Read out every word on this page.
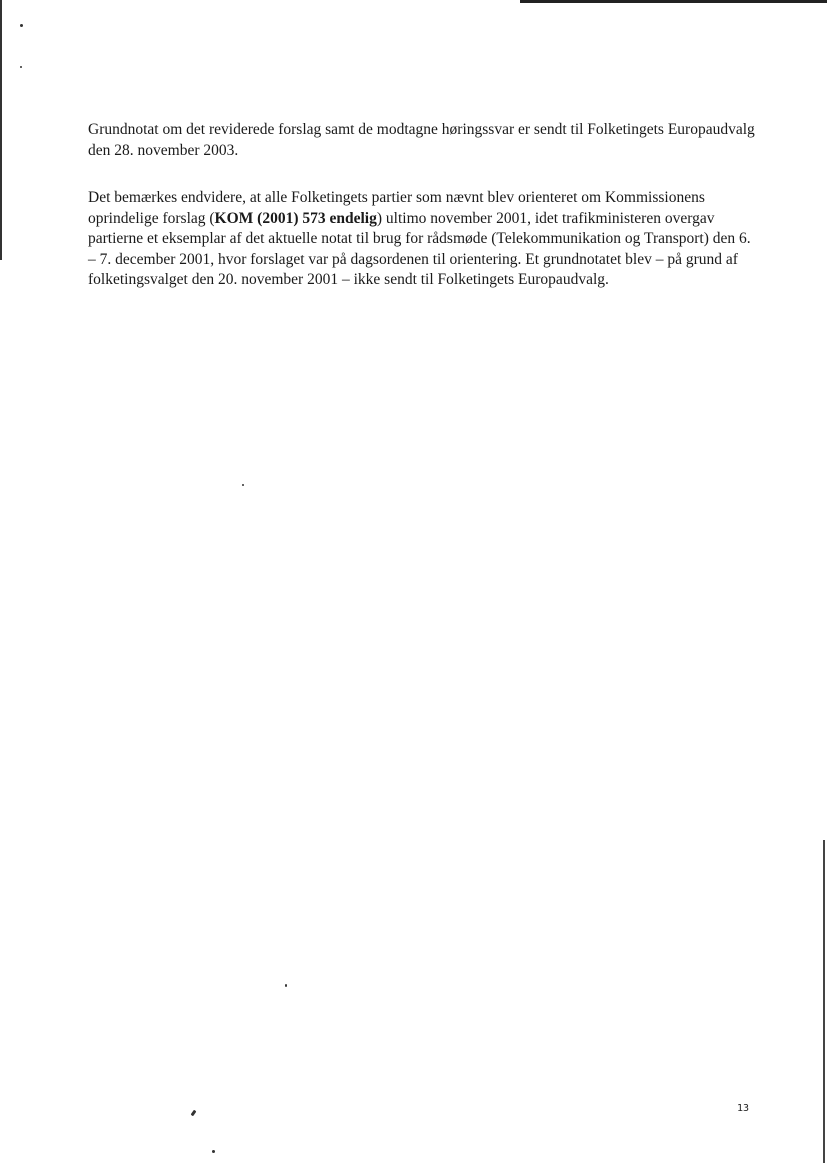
Grundnotat om det reviderede forslag samt de modtagne høringssvar er sendt til Folketingets Europaudvalg den 28. november 2003.

Det bemærkes endvidere, at alle Folketingets partier som nævnt blev orienteret om Kommissionens oprindelige forslag (KOM (2001) 573 endelig) ultimo november 2001, idet trafikministeren overgav partierne et eksemplar af det aktuelle notat til brug for rådsmøde (Telekommunikation og Transport) den 6. – 7. december 2001, hvor forslaget var på dagsordenen til orientering. Et grundnotatet blev – på grund af folketingsvalget den 20. november 2001 – ikke sendt til Folketingets Europaudvalg.

13
